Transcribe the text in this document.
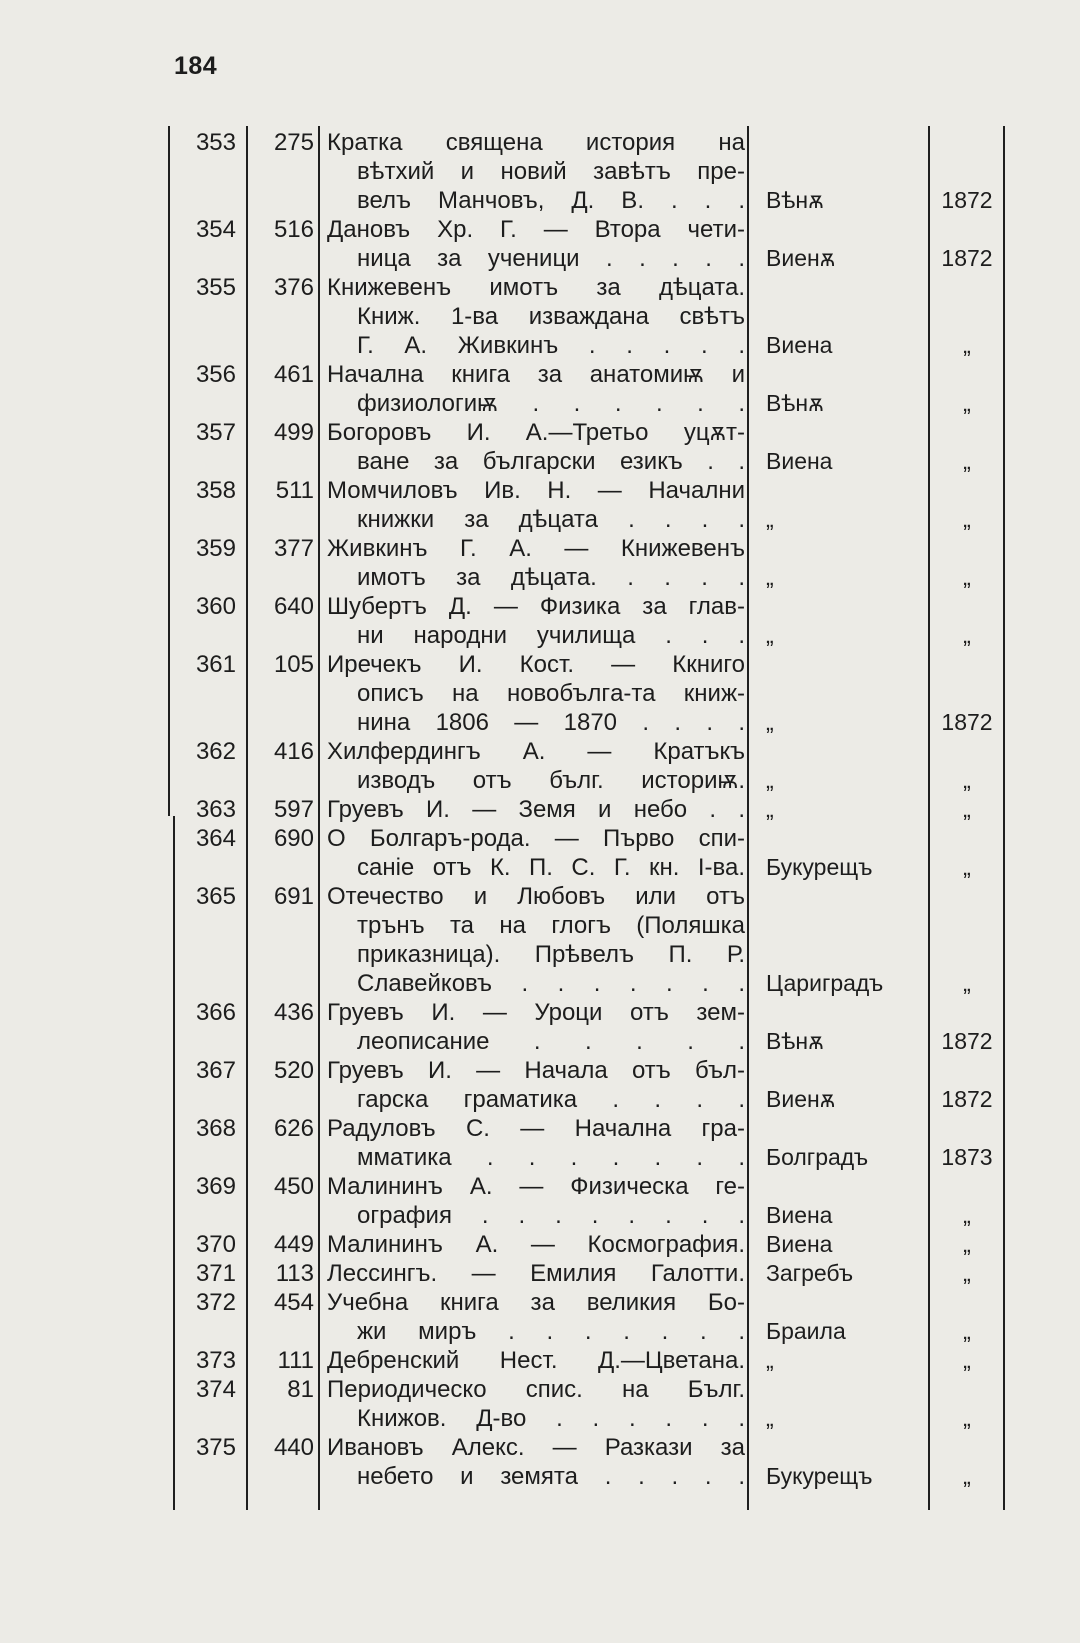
184
353	275 Кратка священа история на
вѣтхий и новий завѣтъ пре-
велъ Манчовъ, Д. В. . . . Вѣнѫ	1872
354	516 Дановъ Хр. Г. — Втора чети-
ница за ученици . . . . . Виенѫ	1872
355	376 Книжевенъ имотъ за дѣцата.
Книж. 1-ва изваждана свѣтъ
Г. А. Живкинъ . . . . . Виена	„
356	461 Начална книга за анатомиѭ и
физиологиѭ . . . . . . Вѣнѫ	„
357	499 Богоровъ И. А.—Третьо уцѫт-
ване за български езикъ . . Виена	„
358	511 Момчиловъ Ив. Н. — Начални
книжки за дѣцата . . . . „	„
359	377 Живкинъ Г. А. — Книжевенъ
имотъ за дѣцата. . . . . „	„
360	640 Шубертъ Д. — Физика за глав-
ни народни училища . . . „	„
361	105 Иречекъ И. Кост. — Ккниго
описъ на новобългa-та книж-
нина 1806 — 1870 . . . . „	1872
362	416 Хилфердингъ А. — Кратъкъ
изводъ отъ бълг. историѭ. „	„
363	597 Груевъ И. — Земя и небо . . „	„
364	690 О Болгаръ-рода. — Първо спи-
саніе отъ К. П. С. Г. кн. I-ва. Букурещъ	„
365	691 Отечество и Любовъ или отъ
трънъ та на глогъ (Поляшка
приказница). Прѣвелъ П. Р.
Славейковъ . . . . . . . Цариградъ	„
366	436 Груевъ И. — Уроци отъ зем-
леописание . . . . . Вѣнѫ	1872
367	520 Груевъ И. — Начала отъ бъл-
гарска граматика . . . . Виенѫ	1872
368	626 Радуловъ С. — Начална гра-
мматика . . . . . . . Болградъ	1873
369	450 Малининъ А. — Физическа ге-
ография . . . . . . . . Виена	„
370	449 Малининъ А. — Космография. Виена	„
371	113 Лессингъ. — Емилия Галотти. Загребъ	„
372	454 Учебна книга за великия Бо-
жи миръ . . . . . . . Браила	„
373	111 Дебренский Нест. Д.—Цветана. „	„
374	81 Периодическо спис. на Бълг.
Книжов. Д-во . . . . . . „	„
375	440 Ивановъ Алекс. — Разкази за
небето и земята . . . . . Букурещъ	„
